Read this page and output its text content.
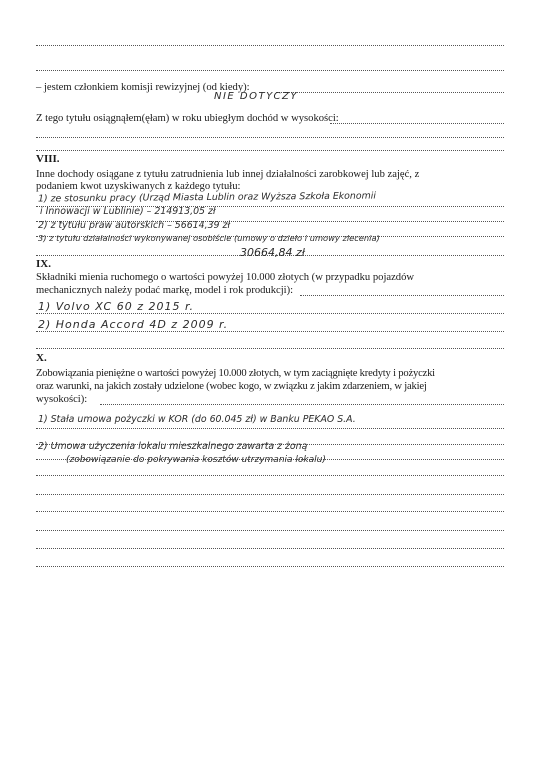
– jestem członkiem komisji rewizyjnej (od kiedy):
NIE DOTYCZY
Z tego tytułu osiągnąłem(ęłam) w roku ubiegłym dochód w wysokości:
VIII.
Inne dochody osiągane z tytułu zatrudnienia lub innej działalności zarobkowej lub zajęć, z
podaniem kwot uzyskiwanych z każdego tytułu:
1) ze stosunku pracy (Urząd Miasta Lublin oraz Wyższa Szkoła Ekonomii
i Innowacji w Lublinie) – 214913,05 zł
2) z tytułu praw autorskich – 56614,39 zł
3) z tytułu działalności wykonywanej osobiście (umowy o dzieło i umowy zlecenia)
30664,84 zł
IX.
Składniki mienia ruchomego o wartości powyżej 10.000 złotych (w przypadku pojazdów
mechanicznych należy podać markę, model i rok produkcji):
1) Volvo XC 60 z 2015 r.
2) Honda Accord 4D z 2009 r.
X.
Zobowiązania pieniężne o wartości powyżej 10.000 złotych, w tym zaciągnięte kredyty i pożyczki
oraz warunki, na jakich zostały udzielone (wobec kogo, w związku z jakim zdarzeniem, w jakiej
wysokości):
1) Stała umowa pożyczki w KOR (do 60.045 zł) w Banku PEKAO S.A.
2) Umowa użyczenia lokalu mieszkalnego zawarta z żoną
(zobowiązanie do pokrywania kosztów utrzymania lokalu)
